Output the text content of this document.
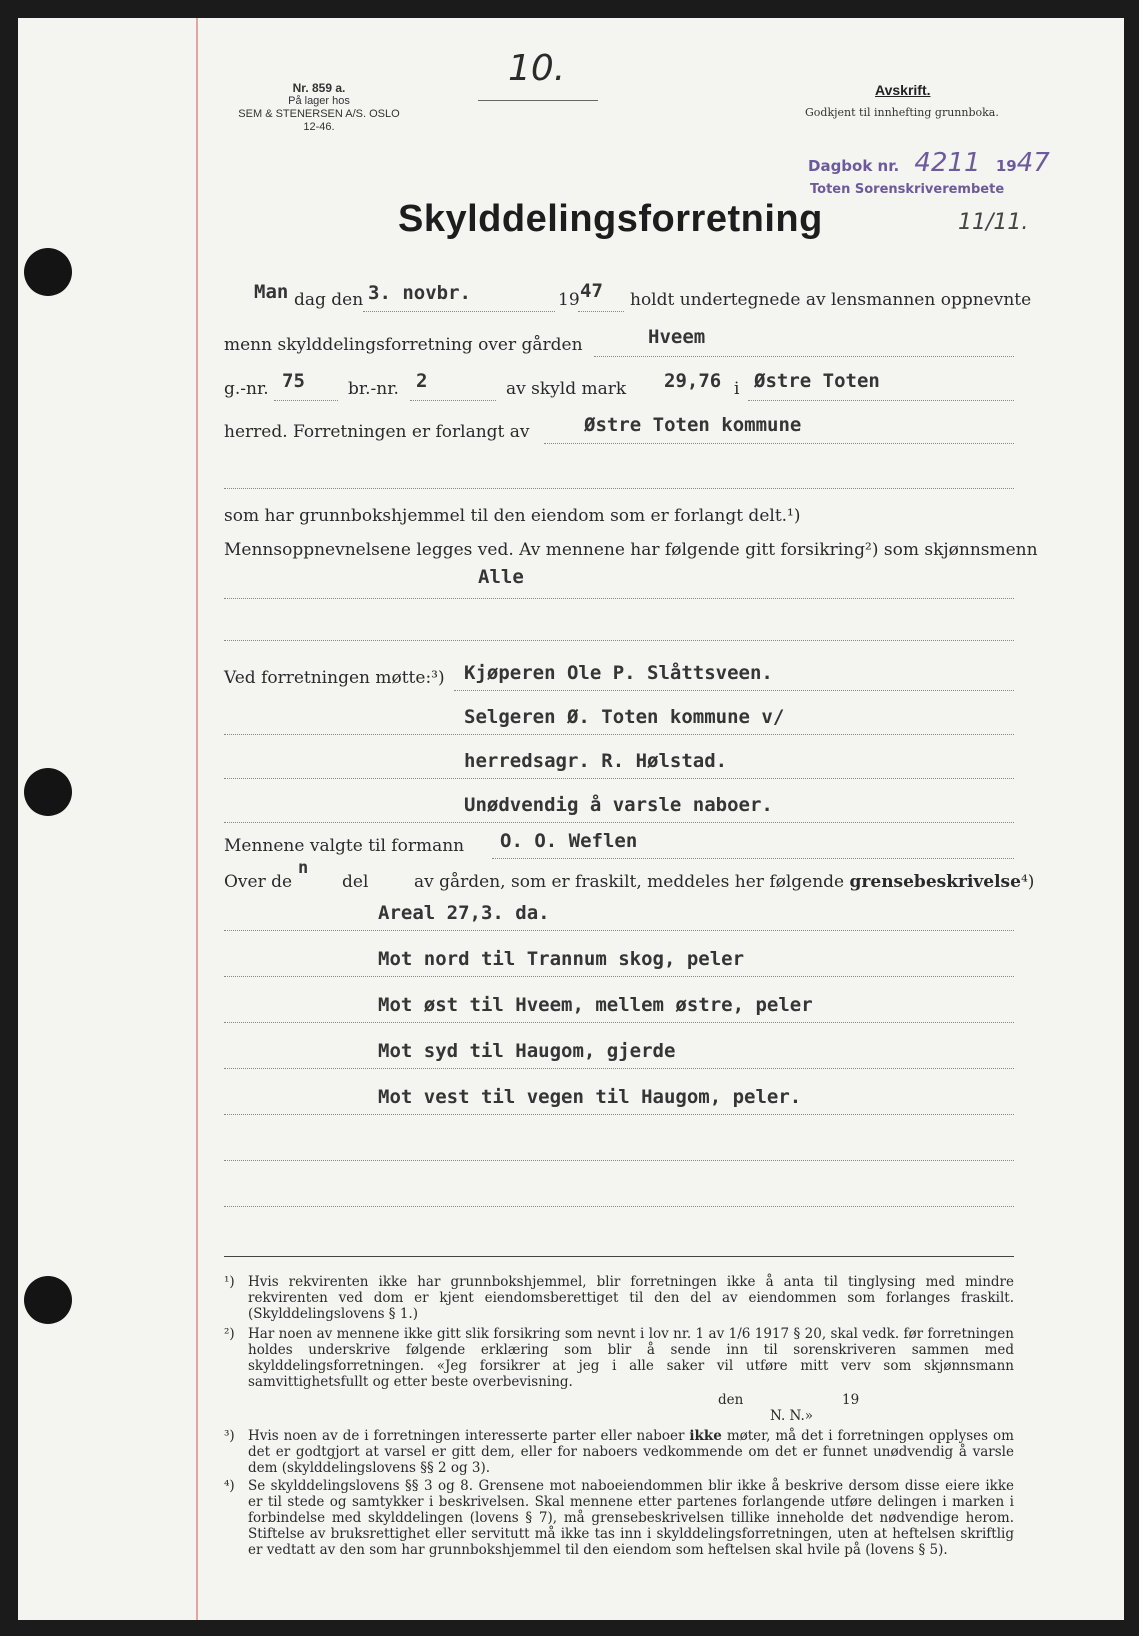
Nr. 859 a.
På lager hos
SEM & STENERSEN A/S. OSLO
12-46.
10.
Avskrift.
Godkjent til innhefting grunnboka.
Dagbok nr. 4211 1947
Toten Sorenskriverembete
11/11.
Skylddelingsforretning
Man dag den 3. novbr.	19 47 holdt undertegnede av lensmannen oppnevnte
menn skylddelingsforretning over gården	Hveem
g.-nr. 75	br.-nr. 2	av skyld mark 29,76 i Østre Toten
herred. Forretningen er forlangt av	Østre Toten kommune
som har grunnbokshjemmel til den eiendom som er forlangt delt.¹)
Mennsoppnevnelsene legges ved. Av mennene har følgende gitt forsikring²) som skjønnsmenn
Alle
Ved forretningen møtte:³) Kjøperen Ole P. Slåttsveen.
Selgeren Ø. Toten kommune v/
herredsagr. R. Hølstad.
Unødvendig å varsle naboer.
Mennene valgte til formann O. O. Weflen
Over de
n
del	av gården, som er fraskilt, meddeles her følgende grensebeskrivelse⁴)
Areal 27,3. da.
Mot nord til Trannum skog, peler
Mot øst til Hveem, mellem østre, peler
Mot syd til Haugom, gjerde
Mot vest til vegen til Haugom, peler.
¹) Hvis rekvirenten ikke har grunnbokshjemmel, blir forretningen ikke å anta til tinglysing med mindre rekvirenten ved dom er kjent eiendomsberettiget til den del av eiendommen som forlanges fraskilt. (Skylddelingslovens § 1.)
²) Har noen av mennene ikke gitt slik forsikring som nevnt i lov nr. 1 av 1/6 1917 § 20, skal vedk. før forretningen holdes underskrive følgende erklæring som blir å sende inn til sorenskriveren sammen med skylddelingsforretningen. «Jeg forsikrer at jeg i alle saker vil utføre mitt verv som skjønnsmann samvittighetsfullt og etter beste overbevisning.
den	19
N. N.»
³) Hvis noen av de i forretningen interesserte parter eller naboer ikke møter, må det i forretningen opplyses om det er godtgjort at varsel er gitt dem, eller for naboers vedkommende om det er funnet unødvendig å varsle dem (skylddelingslovens §§ 2 og 3).
⁴) Se skylddelingslovens §§ 3 og 8. Grensene mot naboeiendommen blir ikke å beskrive dersom disse eiere ikke er til stede og samtykker i beskrivelsen. Skal mennene etter partenes forlangende utføre delingen i marken i forbindelse med skylddelingen (lovens § 7), må grensebeskrivelsen tillike inneholde det nødvendige herom. Stiftelse av bruksrettighet eller servitutt må ikke tas inn i skylddelingsforretningen, uten at heftelsen skriftlig er vedtatt av den som har grunnbokshjemmel til den eiendom som heftelsen skal hvile på (lovens § 5).
